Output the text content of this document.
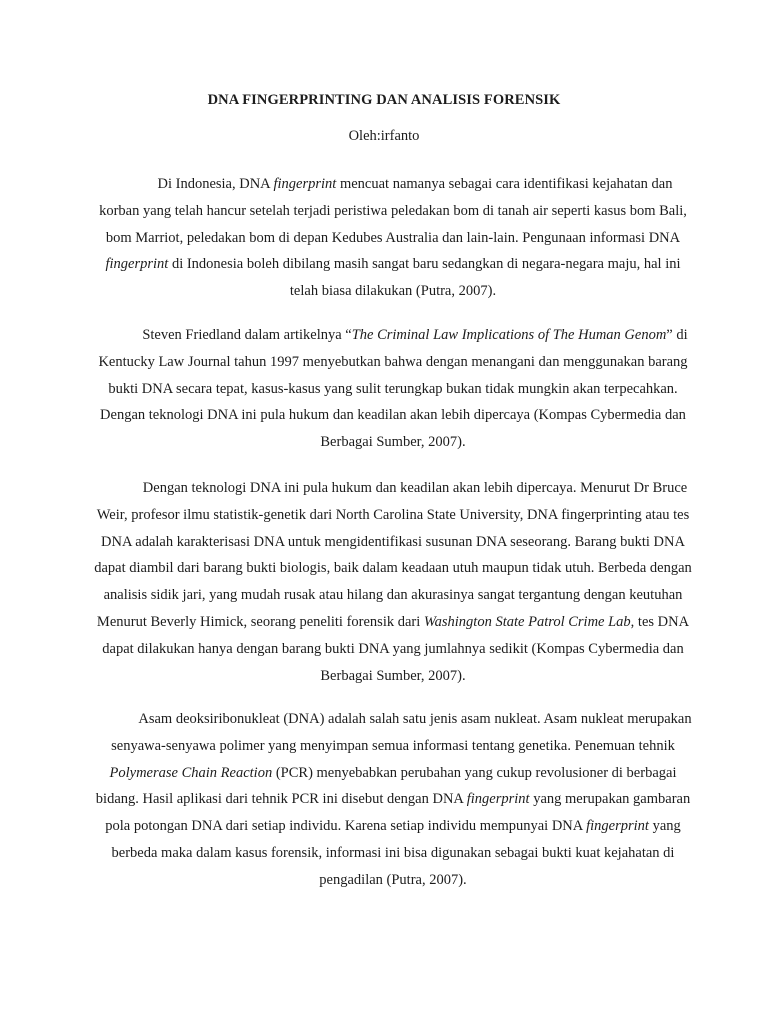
DNA FINGERPRINTING DAN ANALISIS FORENSIK

Oleh:irfanto

Di Indonesia, DNA fingerprint mencuat namanya sebagai cara identifikasi kejahatan dan korban yang telah hancur setelah terjadi peristiwa peledakan bom di tanah air seperti kasus bom Bali, bom Marriot, peledakan bom di depan Kedubes Australia dan lain-lain. Pengunaan informasi DNA fingerprint di Indonesia boleh dibilang masih sangat baru sedangkan di negara-negara maju, hal ini telah biasa dilakukan (Putra, 2007).

Steven Friedland dalam artikelnya “The Criminal Law Implications of The Human Genom” di Kentucky Law Journal tahun 1997 menyebutkan bahwa dengan menangani dan menggunakan barang bukti DNA secara tepat, kasus-kasus yang sulit terungkap bukan tidak mungkin akan terpecahkan. Dengan teknologi DNA ini pula hukum dan keadilan akan lebih dipercaya (Kompas Cybermedia dan Berbagai Sumber, 2007).

Dengan teknologi DNA ini pula hukum dan keadilan akan lebih dipercaya. Menurut Dr Bruce Weir, profesor ilmu statistik-genetik dari North Carolina State University, DNA fingerprinting atau tes DNA adalah karakterisasi DNA untuk mengidentifikasi susunan DNA seseorang. Barang bukti DNA dapat diambil dari barang bukti biologis, baik dalam keadaan utuh maupun tidak utuh. Berbeda dengan analisis sidik jari, yang mudah rusak atau hilang dan akurasinya sangat tergantung dengan keutuhan Menurut Beverly Himick, seorang peneliti forensik dari Washington State Patrol Crime Lab, tes DNA dapat dilakukan hanya dengan barang bukti DNA yang jumlahnya sedikit (Kompas Cybermedia dan Berbagai Sumber, 2007).

Asam deoksiribonukleat (DNA) adalah salah satu jenis asam nukleat. Asam nukleat merupakan senyawa-senyawa polimer yang menyimpan semua informasi tentang genetika. Penemuan tehnik Polymerase Chain Reaction (PCR) menyebabkan perubahan yang cukup revolusioner di berbagai bidang. Hasil aplikasi dari tehnik PCR ini disebut dengan DNA fingerprint yang merupakan gambaran pola potongan DNA dari setiap individu. Karena setiap individu mempunyai DNA fingerprint yang berbeda maka dalam kasus forensik, informasi ini bisa digunakan sebagai bukti kuat kejahatan di pengadilan (Putra, 2007).
